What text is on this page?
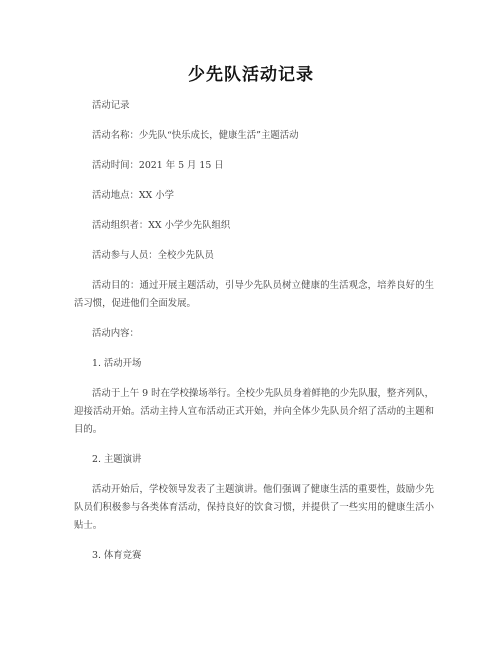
少先队活动记录

活动记录

活动名称：少先队“快乐成长，健康生活”主题活动

活动时间：2021 年 5 月 15 日

活动地点：XX 小学

活动组织者：XX 小学少先队组织

活动参与人员：全校少先队员

活动目的：通过开展主题活动，引导少先队员树立健康的生活观念，培养良好的生活习惯，促进他们全面发展。

活动内容：

1. 活动开场

活动于上午 9 时在学校操场举行。全校少先队员身着鲜艳的少先队服，整齐列队，迎接活动开始。活动主持人宣布活动正式开始，并向全体少先队员介绍了活动的主题和目的。

2. 主题演讲

活动开始后，学校领导发表了主题演讲。他们强调了健康生活的重要性，鼓励少先队员们积极参与各类体育活动，保持良好的饮食习惯，并提供了一些实用的健康生活小贴士。

3. 体育竞赛
